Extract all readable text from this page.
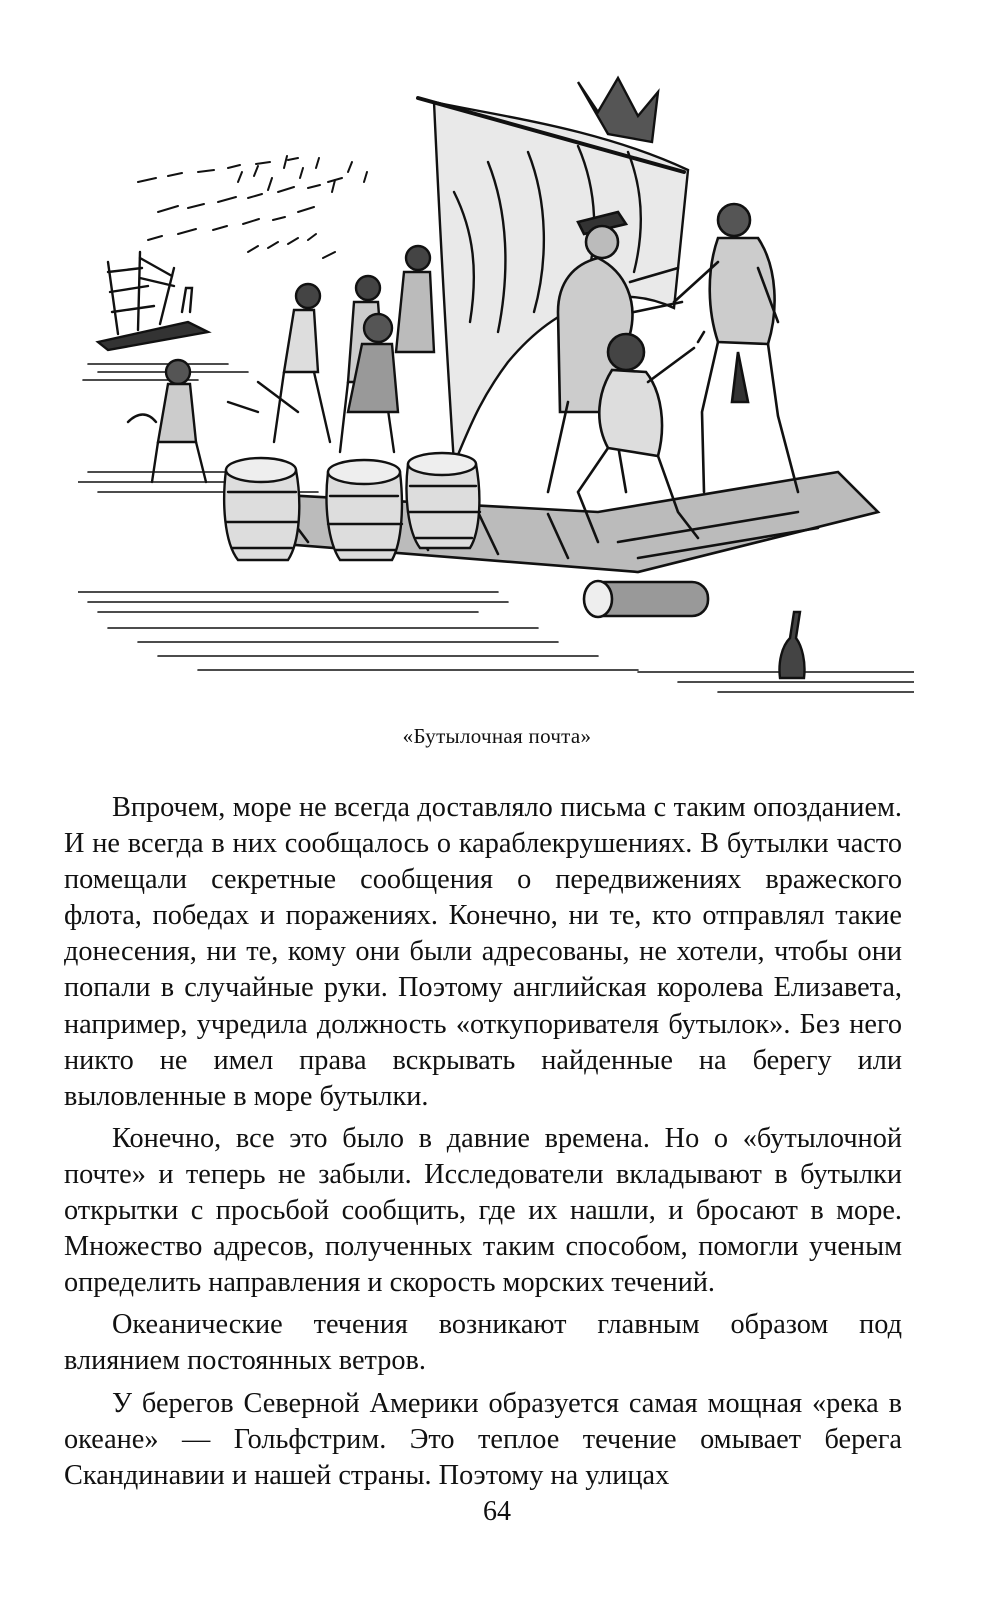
«Бутылочная почта»

Впрочем, море не всегда доставляло письма с таким опозданием. И не всегда в них сообщалось о караблекрушениях. В бутылки часто помещали секретные сообщения о передвижениях вражеского флота, победах и поражениях. Конечно, ни те, кто отправлял такие донесения, ни те, кому они были адресованы, не хотели, чтобы они попали в случайные руки. Поэтому английская королева Елизавета, например, учредила должность «откупоривателя бутылок». Без него никто не имел права вскрывать найденные на берегу или выловленные в море бутылки.

Конечно, все это было в давние времена. Но о «бутылочной почте» и теперь не забыли. Исследователи вкладывают в бутылки открытки с просьбой сообщить, где их нашли, и бросают в море. Множество адресов, полученных таким способом, помогли ученым определить направления и скорость морских течений.

Океанические течения возникают главным образом под влиянием постоянных ветров.

У берегов Северной Америки образуется самая мощная «река в океане» — Гольфстрим. Это теплое течение омывает берега Скандинавии и нашей страны. Поэтому на улицах

64
